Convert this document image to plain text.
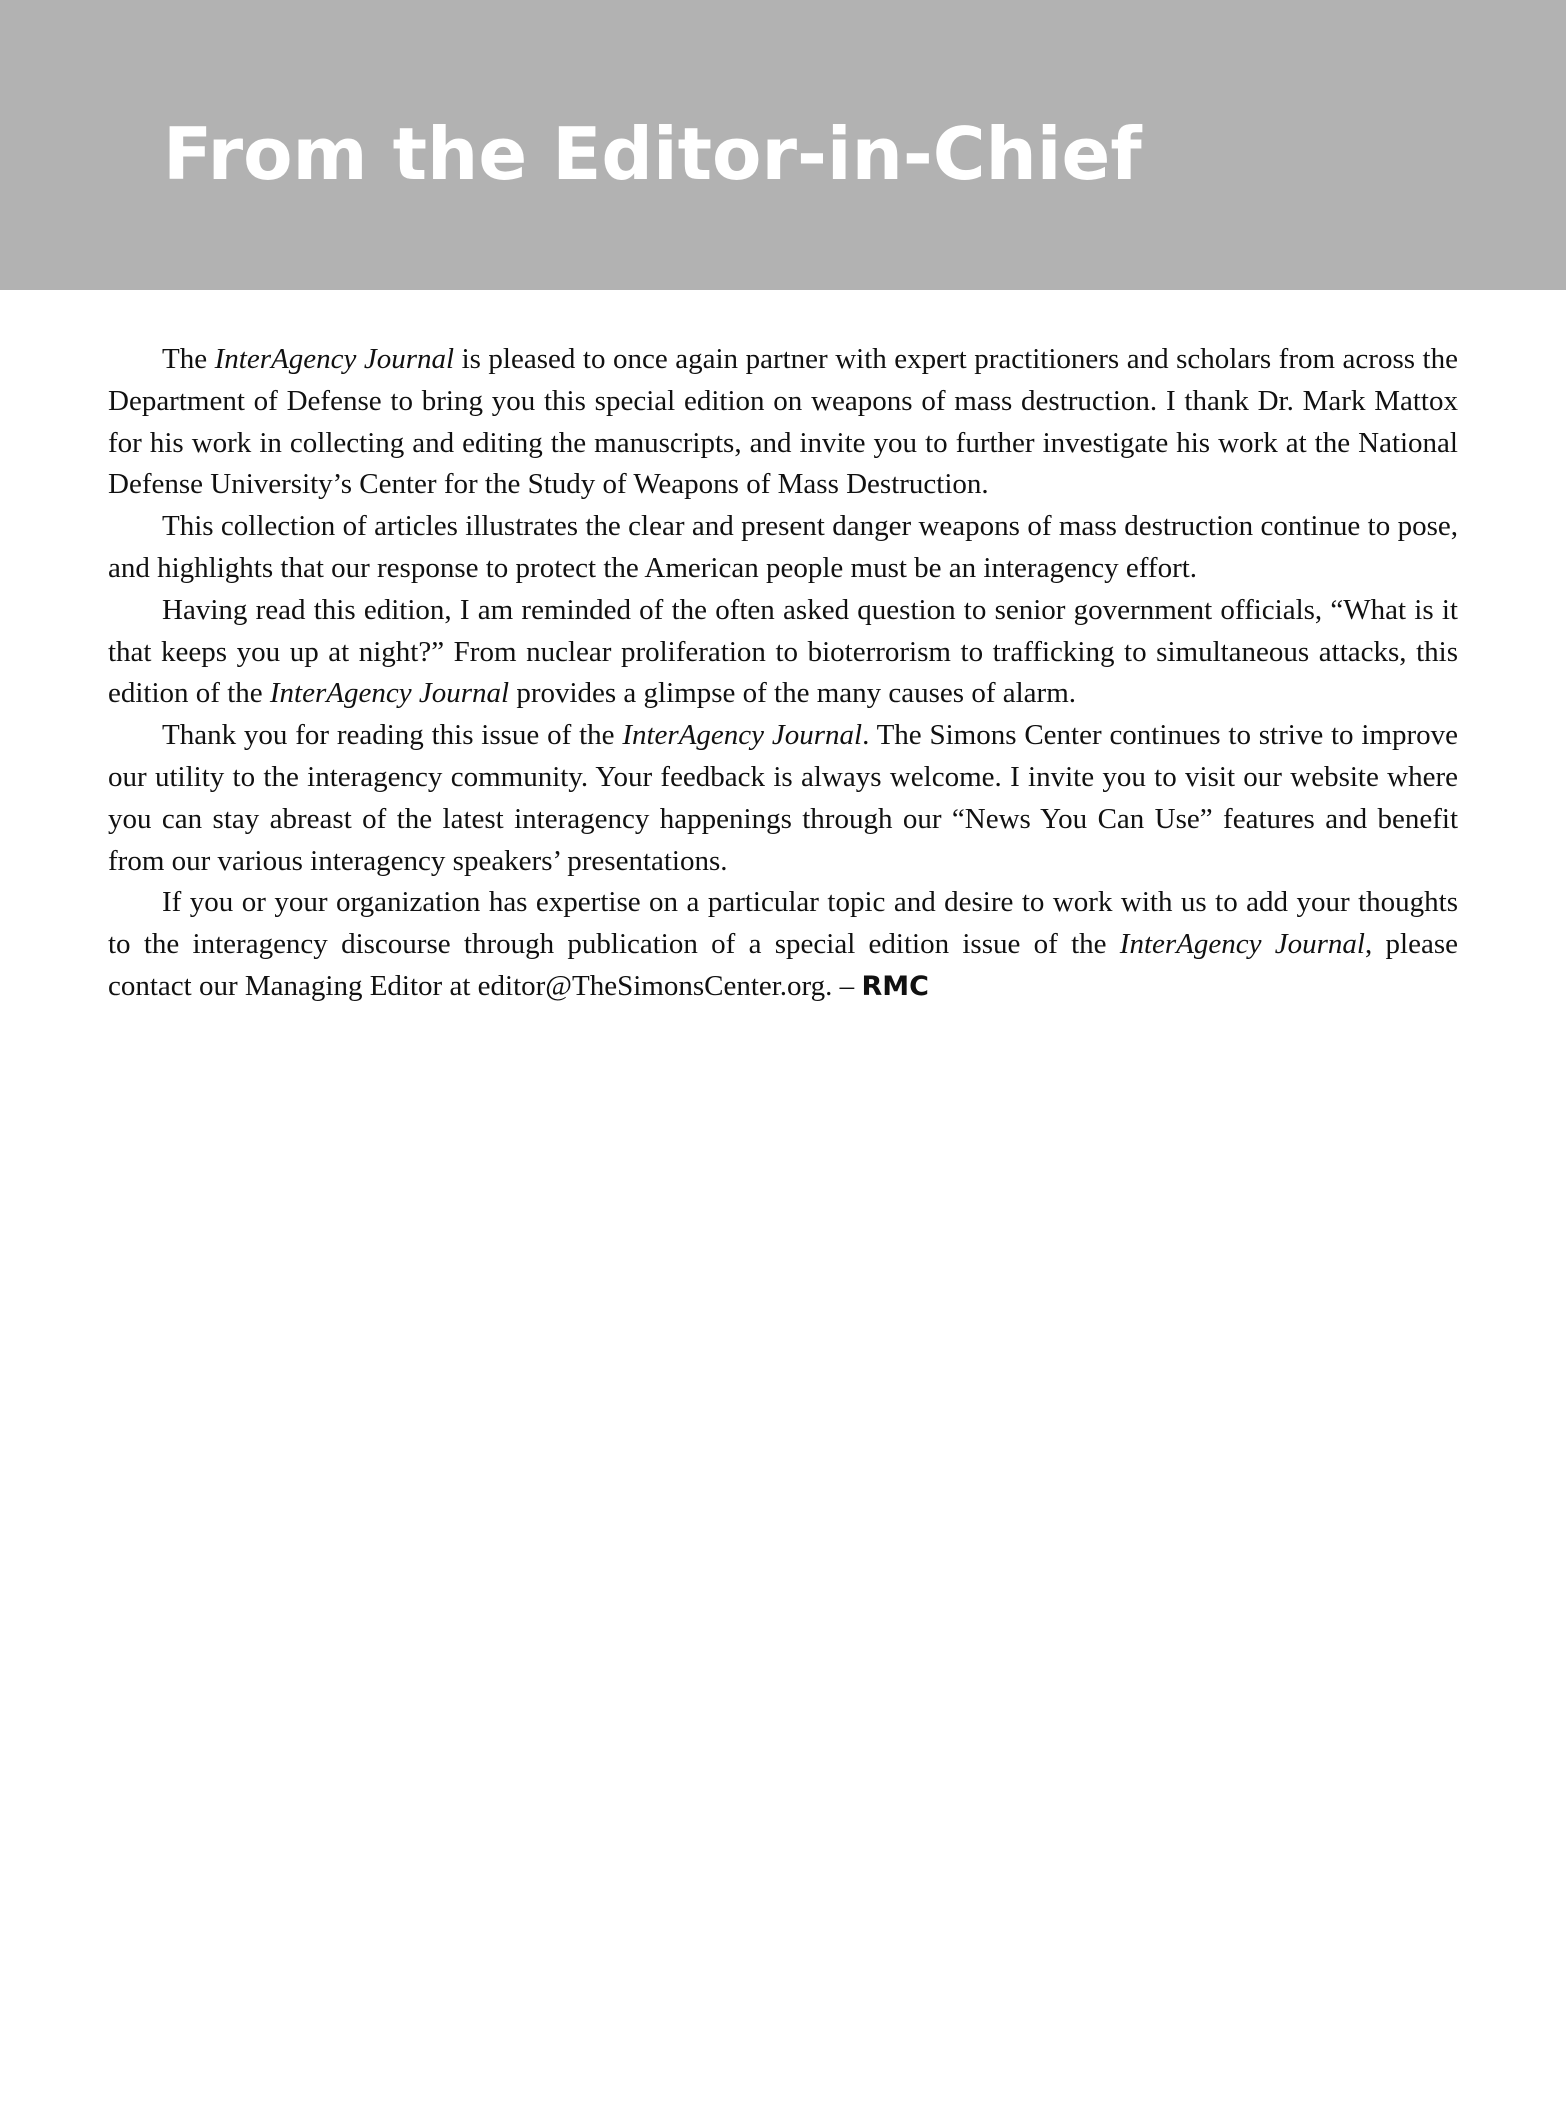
From the Editor-in-Chief

The InterAgency Journal is pleased to once again partner with expert practitioners and scholars from across the Department of Defense to bring you this special edition on weapons of mass destruction. I thank Dr. Mark Mattox for his work in collecting and editing the manuscripts, and invite you to further investigate his work at the National Defense University’s Center for the Study of Weapons of Mass Destruction.

This collection of articles illustrates the clear and present danger weapons of mass destruction continue to pose, and highlights that our response to protect the American people must be an interagency effort.

Having read this edition, I am reminded of the often asked question to senior government officials, “What is it that keeps you up at night?” From nuclear proliferation to bioterrorism to trafficking to simultaneous attacks, this edition of the InterAgency Journal provides a glimpse of the many causes of alarm.

Thank you for reading this issue of the InterAgency Journal. The Simons Center continues to strive to improve our utility to the interagency community. Your feedback is always welcome. I invite you to visit our website where you can stay abreast of the latest interagency happenings through our “News You Can Use” features and benefit from our various interagency speakers’ presentations.

If you or your organization has expertise on a particular topic and desire to work with us to add your thoughts to the interagency discourse through publication of a special edition issue of the InterAgency Journal, please contact our Managing Editor at editor@TheSimonsCenter.org. – RMC
